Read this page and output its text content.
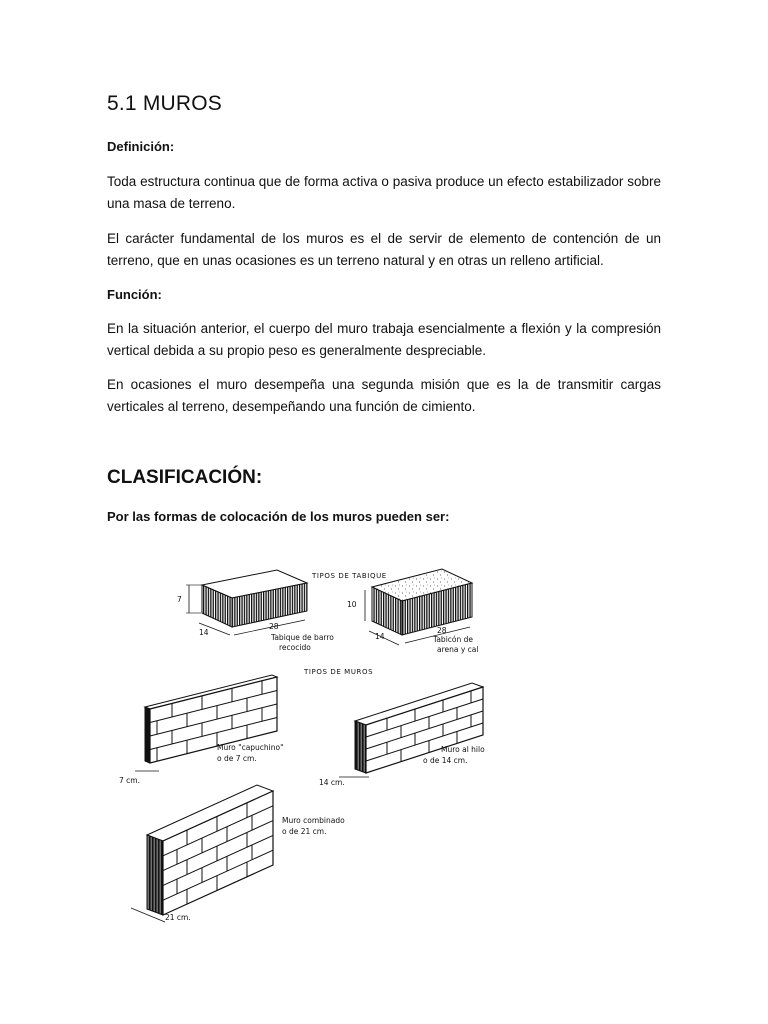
5.1 MUROS

Definición:

Toda estructura continua que de forma activa o pasiva produce un efecto estabilizador sobre una masa de terreno.

El carácter fundamental de los muros es el de servir de elemento de contención de un terreno, que en unas ocasiones es un terreno natural y en otras un relleno artificial.

Función:

En la situación anterior, el cuerpo del muro trabaja esencialmente a flexión y la compresión vertical debida a su propio peso es generalmente despreciable.

En ocasiones el muro desempeña una segunda misión que es la de transmitir cargas verticales al terreno, desempeñando una función de cimiento.

CLASIFICACIÓN:

Por las formas de colocación de los muros pueden ser:

TIPOS DE TABIQUE
TIPOS DE MUROS
7
14
28
Tabique de barro
recocido
10
14
28
Tabicón de
arena y cal
Muro "capuchino"
o de 7 cm.
7 cm.
Muro al hilo
o de 14 cm.
14 cm.
Muro combinado
o de 21 cm.
21 cm.
